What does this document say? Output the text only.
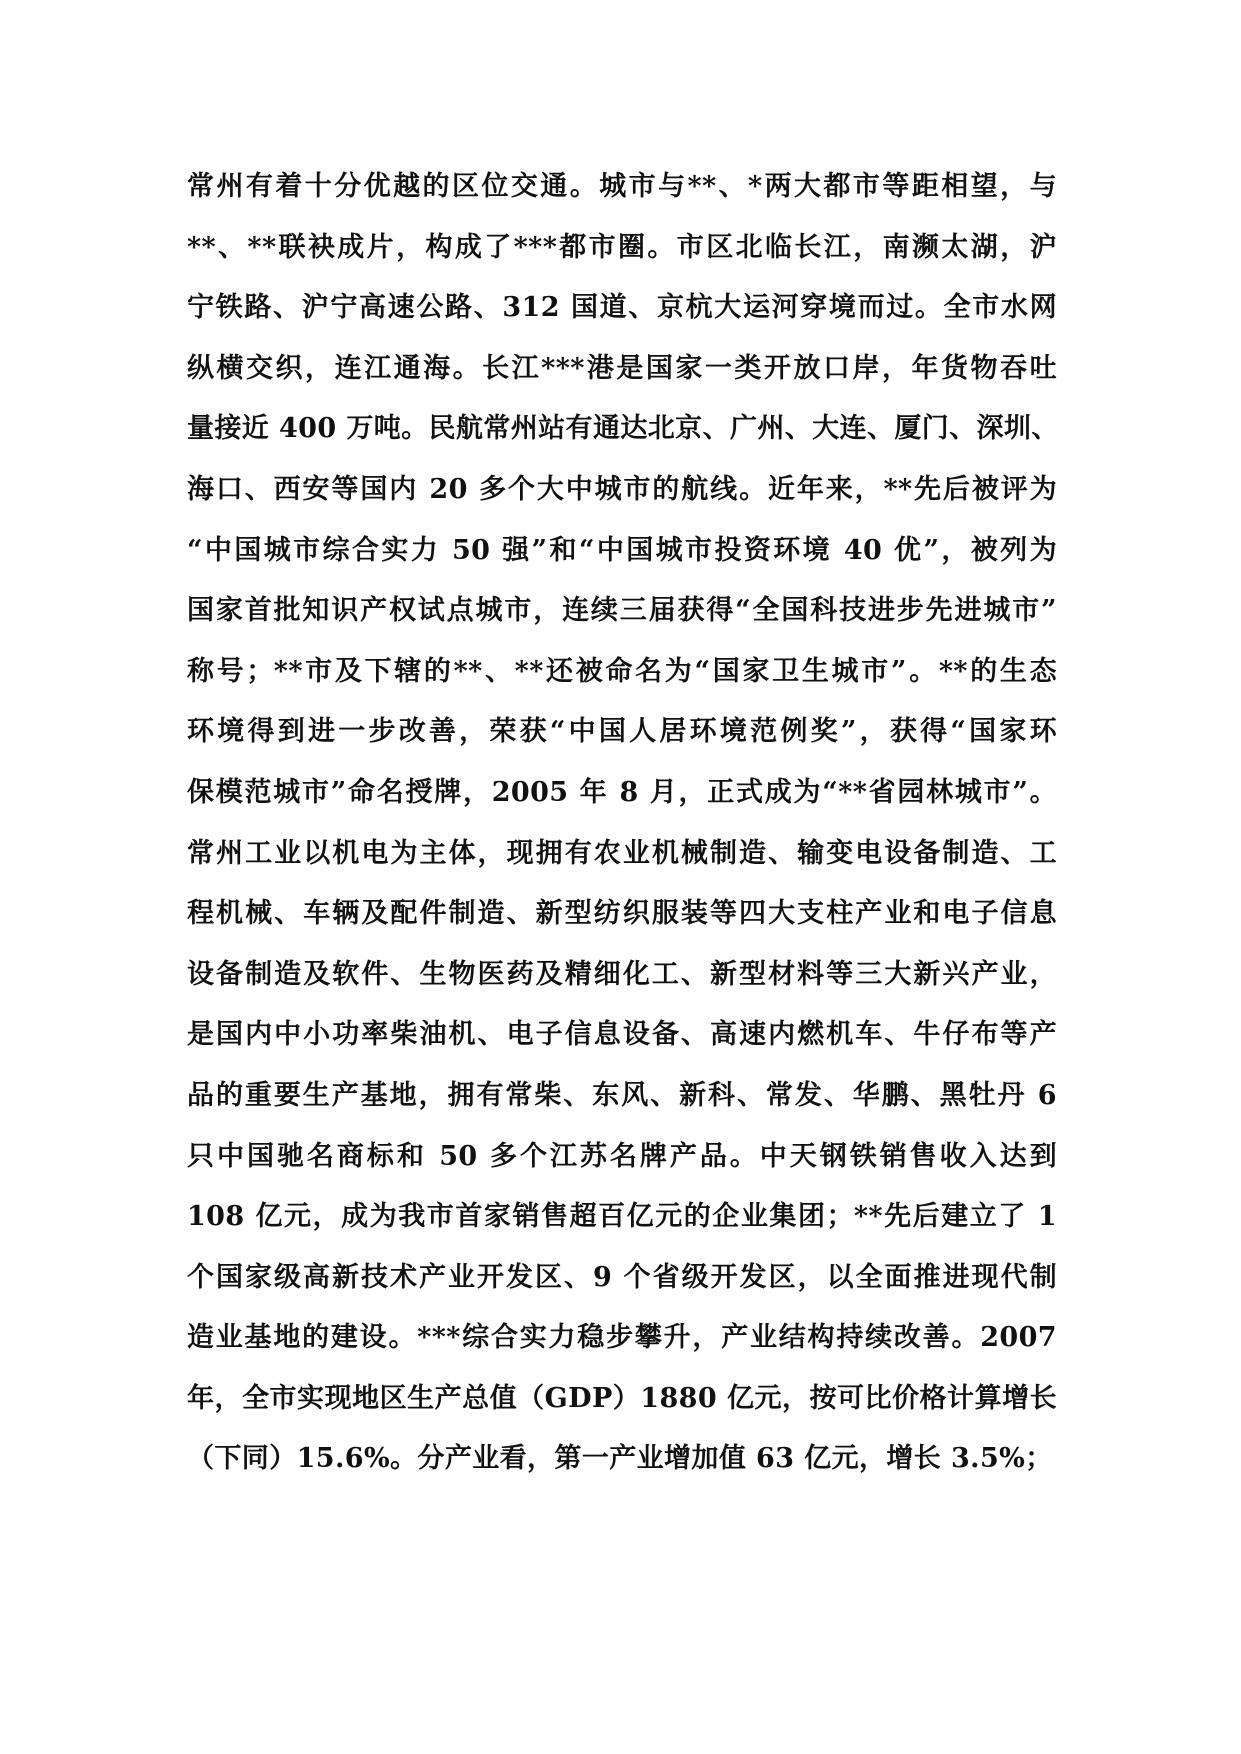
常州有着十分优越的区位交通。城市与**、*两大都市等距相望，与
**、**联袂成片，构成了***都市圈。市区北临长江，南濒太湖，沪
宁铁路、沪宁高速公路、312 国道、京杭大运河穿境而过。全市水网
纵横交织，连江通海。长江***港是国家一类开放口岸，年货物吞吐
量接近 400 万吨。民航常州站有通达北京、广州、大连、厦门、深圳、
海口、西安等国内 20 多个大中城市的航线。近年来，**先后被评为
“中国城市综合实力 50 强”和“中国城市投资环境 40 优”，被列为
国家首批知识产权试点城市，连续三届获得“全国科技进步先进城市”
称号；**市及下辖的**、**还被命名为“国家卫生城市”。**的生态
环境得到进一步改善，荣获“中国人居环境范例奖”，获得“国家环
保模范城市”命名授牌，2005 年 8 月，正式成为“**省园林城市”。
常州工业以机电为主体，现拥有农业机械制造、输变电设备制造、工
程机械、车辆及配件制造、新型纺织服装等四大支柱产业和电子信息
设备制造及软件、生物医药及精细化工、新型材料等三大新兴产业，
是国内中小功率柴油机、电子信息设备、高速内燃机车、牛仔布等产
品的重要生产基地，拥有常柴、东风、新科、常发、华鹏、黑牡丹 6
只中国驰名商标和 50 多个江苏名牌产品。中天钢铁销售收入达到
108 亿元，成为我市首家销售超百亿元的企业集团；**先后建立了 1
个国家级高新技术产业开发区、9 个省级开发区，以全面推进现代制
造业基地的建设。***综合实力稳步攀升，产业结构持续改善。2007
年，全市实现地区生产总值（GDP）1880 亿元，按可比价格计算增长
（下同）15.6%。分产业看，第一产业增加值 63 亿元，增长 3.5%；
